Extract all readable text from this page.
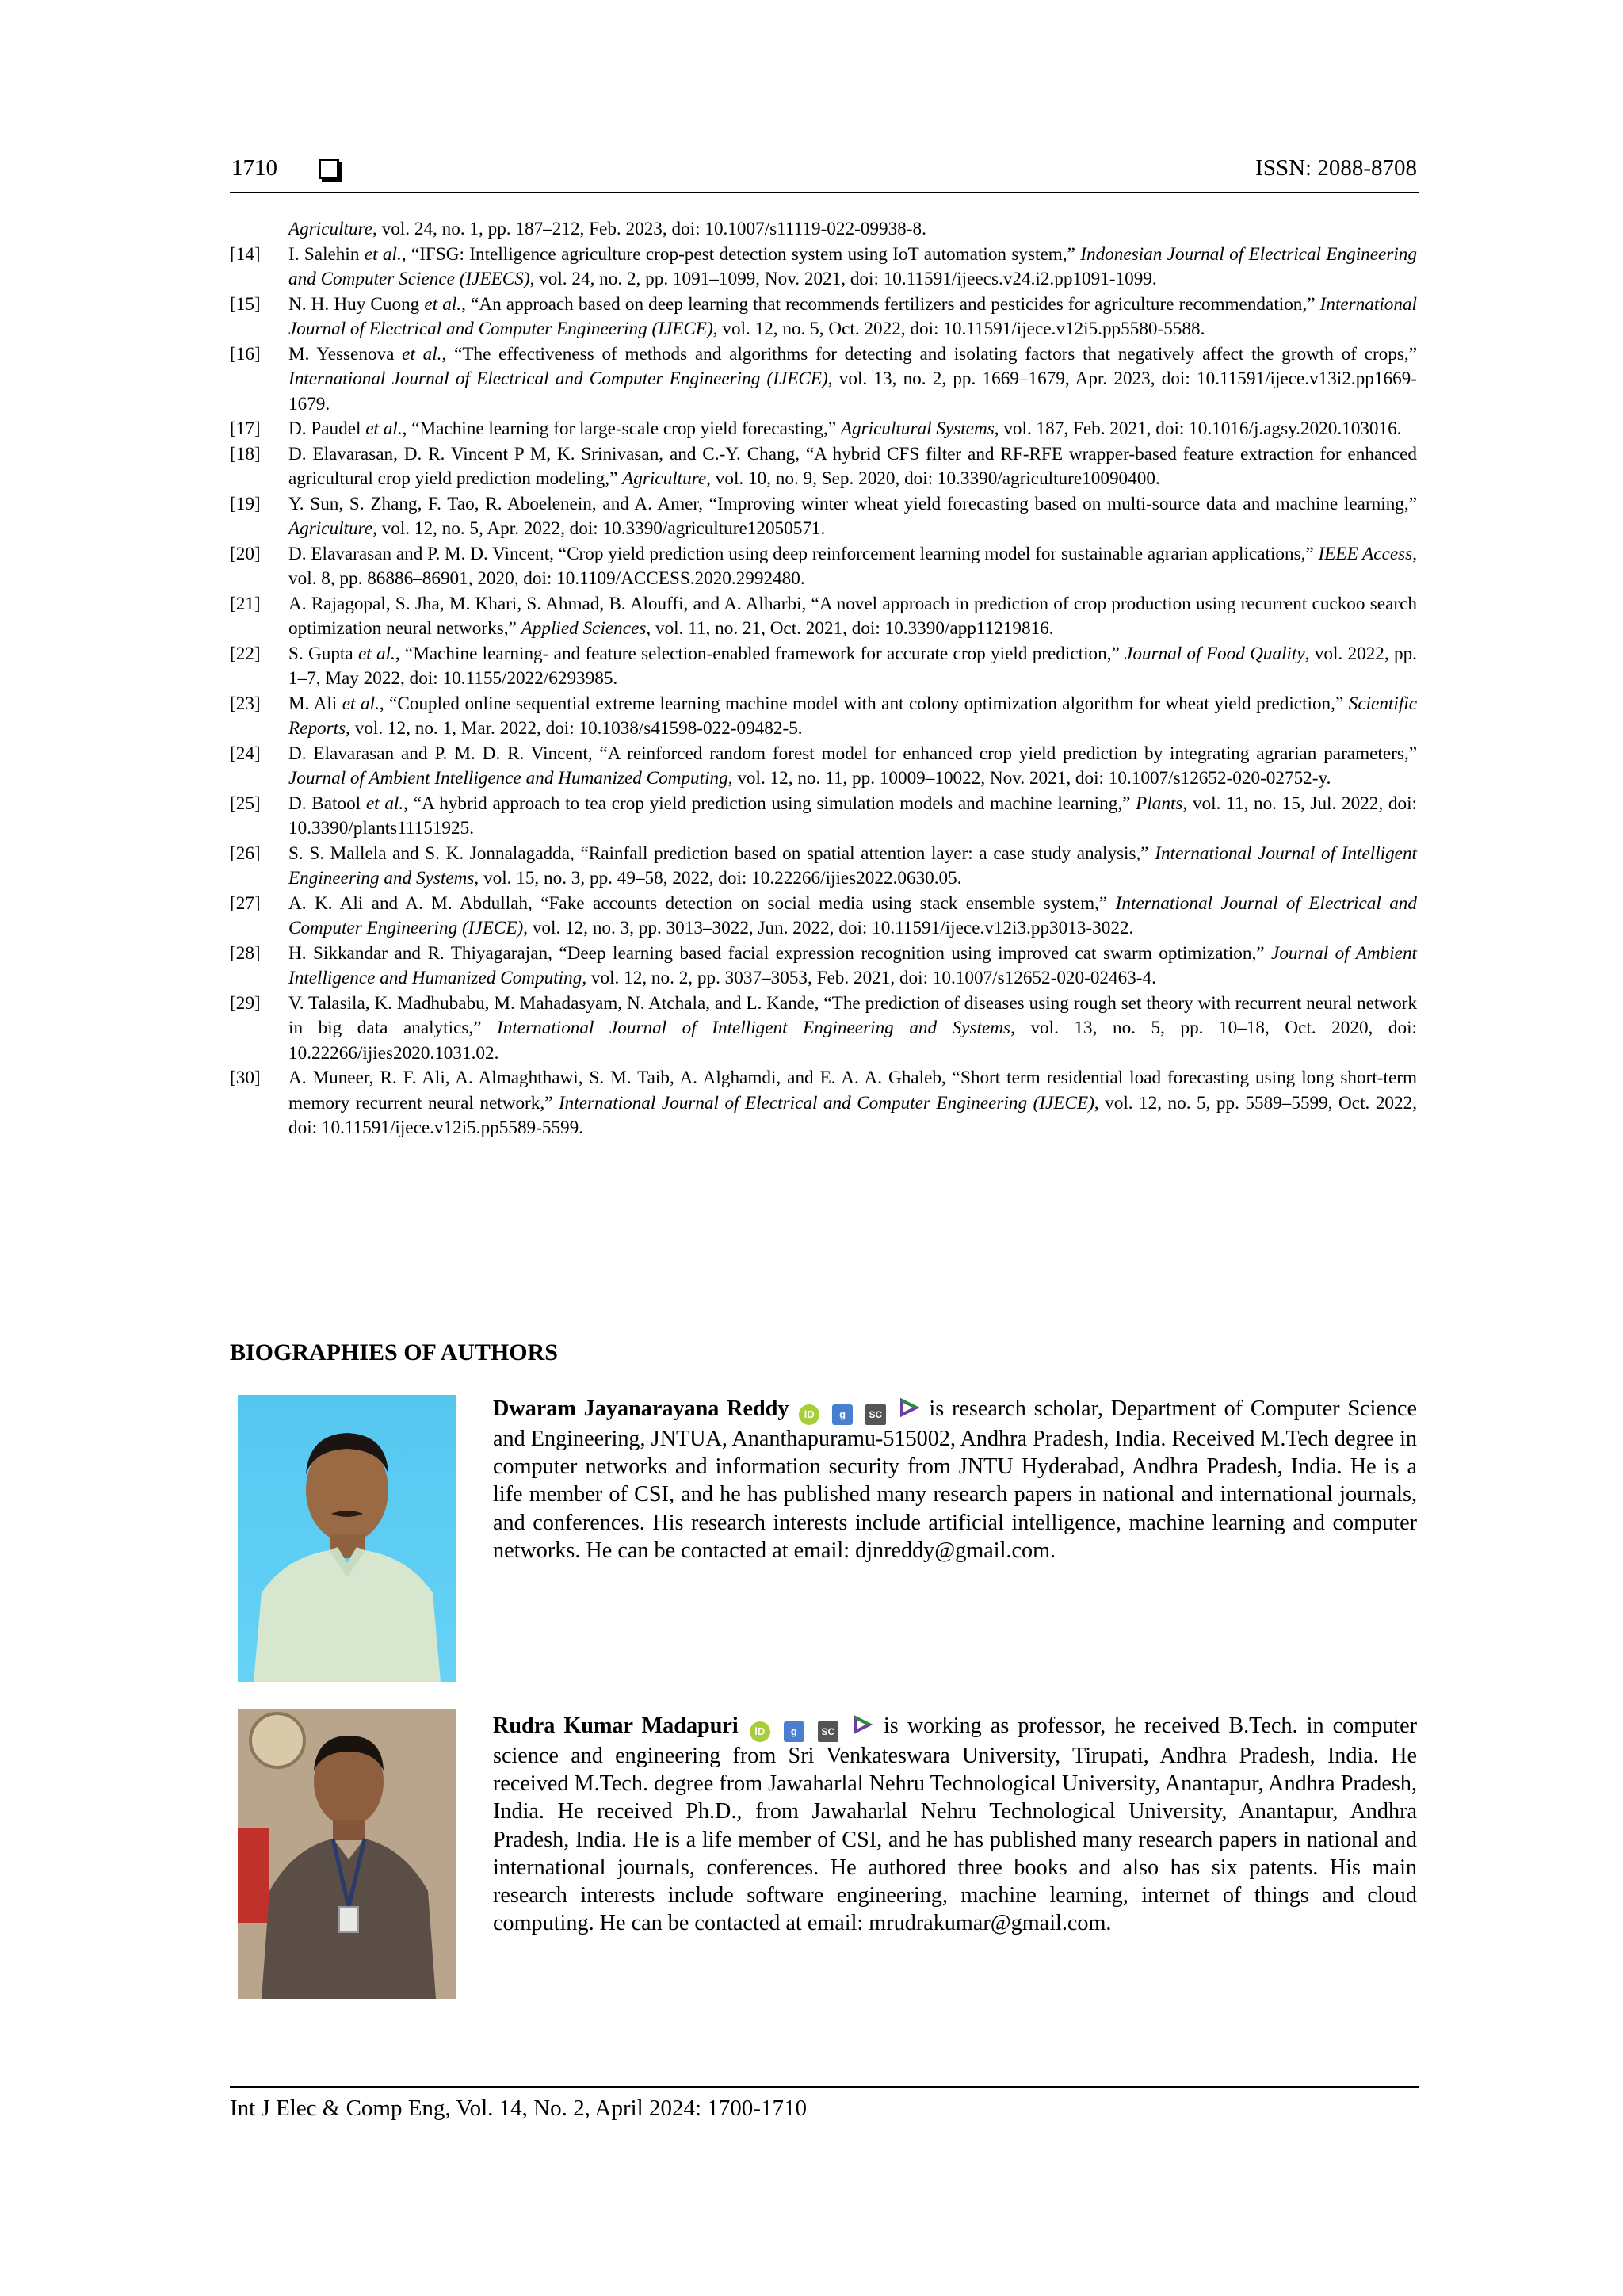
1710	ISSN: 2088-8708
Agriculture, vol. 24, no. 1, pp. 187–212, Feb. 2023, doi: 10.1007/s11119-022-09938-8.
[14]	I. Salehin et al., “IFSG: Intelligence agriculture crop-pest detection system using IoT automation system,” Indonesian Journal of Electrical Engineering and Computer Science (IJEECS), vol. 24, no. 2, pp. 1091–1099, Nov. 2021, doi: 10.11591/ijeecs.v24.i2.pp1091-1099.
[15]	N. H. Huy Cuong et al., “An approach based on deep learning that recommends fertilizers and pesticides for agriculture recommendation,” International Journal of Electrical and Computer Engineering (IJECE), vol. 12, no. 5, Oct. 2022, doi: 10.11591/ijece.v12i5.pp5580-5588.
[16]	M. Yessenova et al., “The effectiveness of methods and algorithms for detecting and isolating factors that negatively affect the growth of crops,” International Journal of Electrical and Computer Engineering (IJECE), vol. 13, no. 2, pp. 1669–1679, Apr. 2023, doi: 10.11591/ijece.v13i2.pp1669-1679.
[17]	D. Paudel et al., “Machine learning for large-scale crop yield forecasting,” Agricultural Systems, vol. 187, Feb. 2021, doi: 10.1016/j.agsy.2020.103016.
[18]	D. Elavarasan, D. R. Vincent P M, K. Srinivasan, and C.-Y. Chang, “A hybrid CFS filter and RF-RFE wrapper-based feature extraction for enhanced agricultural crop yield prediction modeling,” Agriculture, vol. 10, no. 9, Sep. 2020, doi: 10.3390/agriculture10090400.
[19]	Y. Sun, S. Zhang, F. Tao, R. Aboelenein, and A. Amer, “Improving winter wheat yield forecasting based on multi-source data and machine learning,” Agriculture, vol. 12, no. 5, Apr. 2022, doi: 10.3390/agriculture12050571.
[20]	D. Elavarasan and P. M. D. Vincent, “Crop yield prediction using deep reinforcement learning model for sustainable agrarian applications,” IEEE Access, vol. 8, pp. 86886–86901, 2020, doi: 10.1109/ACCESS.2020.2992480.
[21]	A. Rajagopal, S. Jha, M. Khari, S. Ahmad, B. Alouffi, and A. Alharbi, “A novel approach in prediction of crop production using recurrent cuckoo search optimization neural networks,” Applied Sciences, vol. 11, no. 21, Oct. 2021, doi: 10.3390/app11219816.
[22]	S. Gupta et al., “Machine learning- and feature selection-enabled framework for accurate crop yield prediction,” Journal of Food Quality, vol. 2022, pp. 1–7, May 2022, doi: 10.1155/2022/6293985.
[23]	M. Ali et al., “Coupled online sequential extreme learning machine model with ant colony optimization algorithm for wheat yield prediction,” Scientific Reports, vol. 12, no. 1, Mar. 2022, doi: 10.1038/s41598-022-09482-5.
[24]	D. Elavarasan and P. M. D. R. Vincent, “A reinforced random forest model for enhanced crop yield prediction by integrating agrarian parameters,” Journal of Ambient Intelligence and Humanized Computing, vol. 12, no. 11, pp. 10009–10022, Nov. 2021, doi: 10.1007/s12652-020-02752-y.
[25]	D. Batool et al., “A hybrid approach to tea crop yield prediction using simulation models and machine learning,” Plants, vol. 11, no. 15, Jul. 2022, doi: 10.3390/plants11151925.
[26]	S. S. Mallela and S. K. Jonnalagadda, “Rainfall prediction based on spatial attention layer: a case study analysis,” International Journal of Intelligent Engineering and Systems, vol. 15, no. 3, pp. 49–58, 2022, doi: 10.22266/ijies2022.0630.05.
[27]	A. K. Ali and A. M. Abdullah, “Fake accounts detection on social media using stack ensemble system,” International Journal of Electrical and Computer Engineering (IJECE), vol. 12, no. 3, pp. 3013–3022, Jun. 2022, doi: 10.11591/ijece.v12i3.pp3013-3022.
[28]	H. Sikkandar and R. Thiyagarajan, “Deep learning based facial expression recognition using improved cat swarm optimization,” Journal of Ambient Intelligence and Humanized Computing, vol. 12, no. 2, pp. 3037–3053, Feb. 2021, doi: 10.1007/s12652-020-02463-4.
[29]	V. Talasila, K. Madhubabu, M. Mahadasyam, N. Atchala, and L. Kande, “The prediction of diseases using rough set theory with recurrent neural network in big data analytics,” International Journal of Intelligent Engineering and Systems, vol. 13, no. 5, pp. 10–18, Oct. 2020, doi: 10.22266/ijies2020.1031.02.
[30]	A. Muneer, R. F. Ali, A. Almaghthawi, S. M. Taib, A. Alghamdi, and E. A. A. Ghaleb, “Short term residential load forecasting using long short-term memory recurrent neural network,” International Journal of Electrical and Computer Engineering (IJECE), vol. 12, no. 5, pp. 5589–5599, Oct. 2022, doi: 10.11591/ijece.v12i5.pp5589-5599.
BIOGRAPHIES OF AUTHORS

Dwaram Jayanarayana Reddy iD g SC  is research scholar, Department of Computer Science and Engineering, JNTUA, Ananthapuramu-515002, Andhra Pradesh, India. Received M.Tech degree in computer networks and information security from JNTU Hyderabad, Andhra Pradesh, India. He is a life member of CSI, and he has published many research papers in national and international journals, and conferences. His research interests include artificial intelligence, machine learning and computer networks. He can be contacted at email: djnreddy@gmail.com.

Rudra Kumar Madapuri iD	g	SC  is working as professor, he received B.Tech. in computer science and engineering from Sri Venkateswara University, Tirupati, Andhra Pradesh, India. He received M.Tech. degree from Jawaharlal Nehru Technological University, Anantapur, Andhra Pradesh, India. He received Ph.D., from Jawaharlal Nehru Technological University, Anantapur, Andhra Pradesh, India. He is a life member of CSI, and he has published many research papers in national and international journals, conferences. He authored three books and also has six patents. His main research interests include software engineering, machine learning, internet of things and cloud computing. He can be contacted at email: mrudrakumar@gmail.com.

Int J Elec & Comp Eng, Vol. 14, No. 2, April 2024: 1700-1710
